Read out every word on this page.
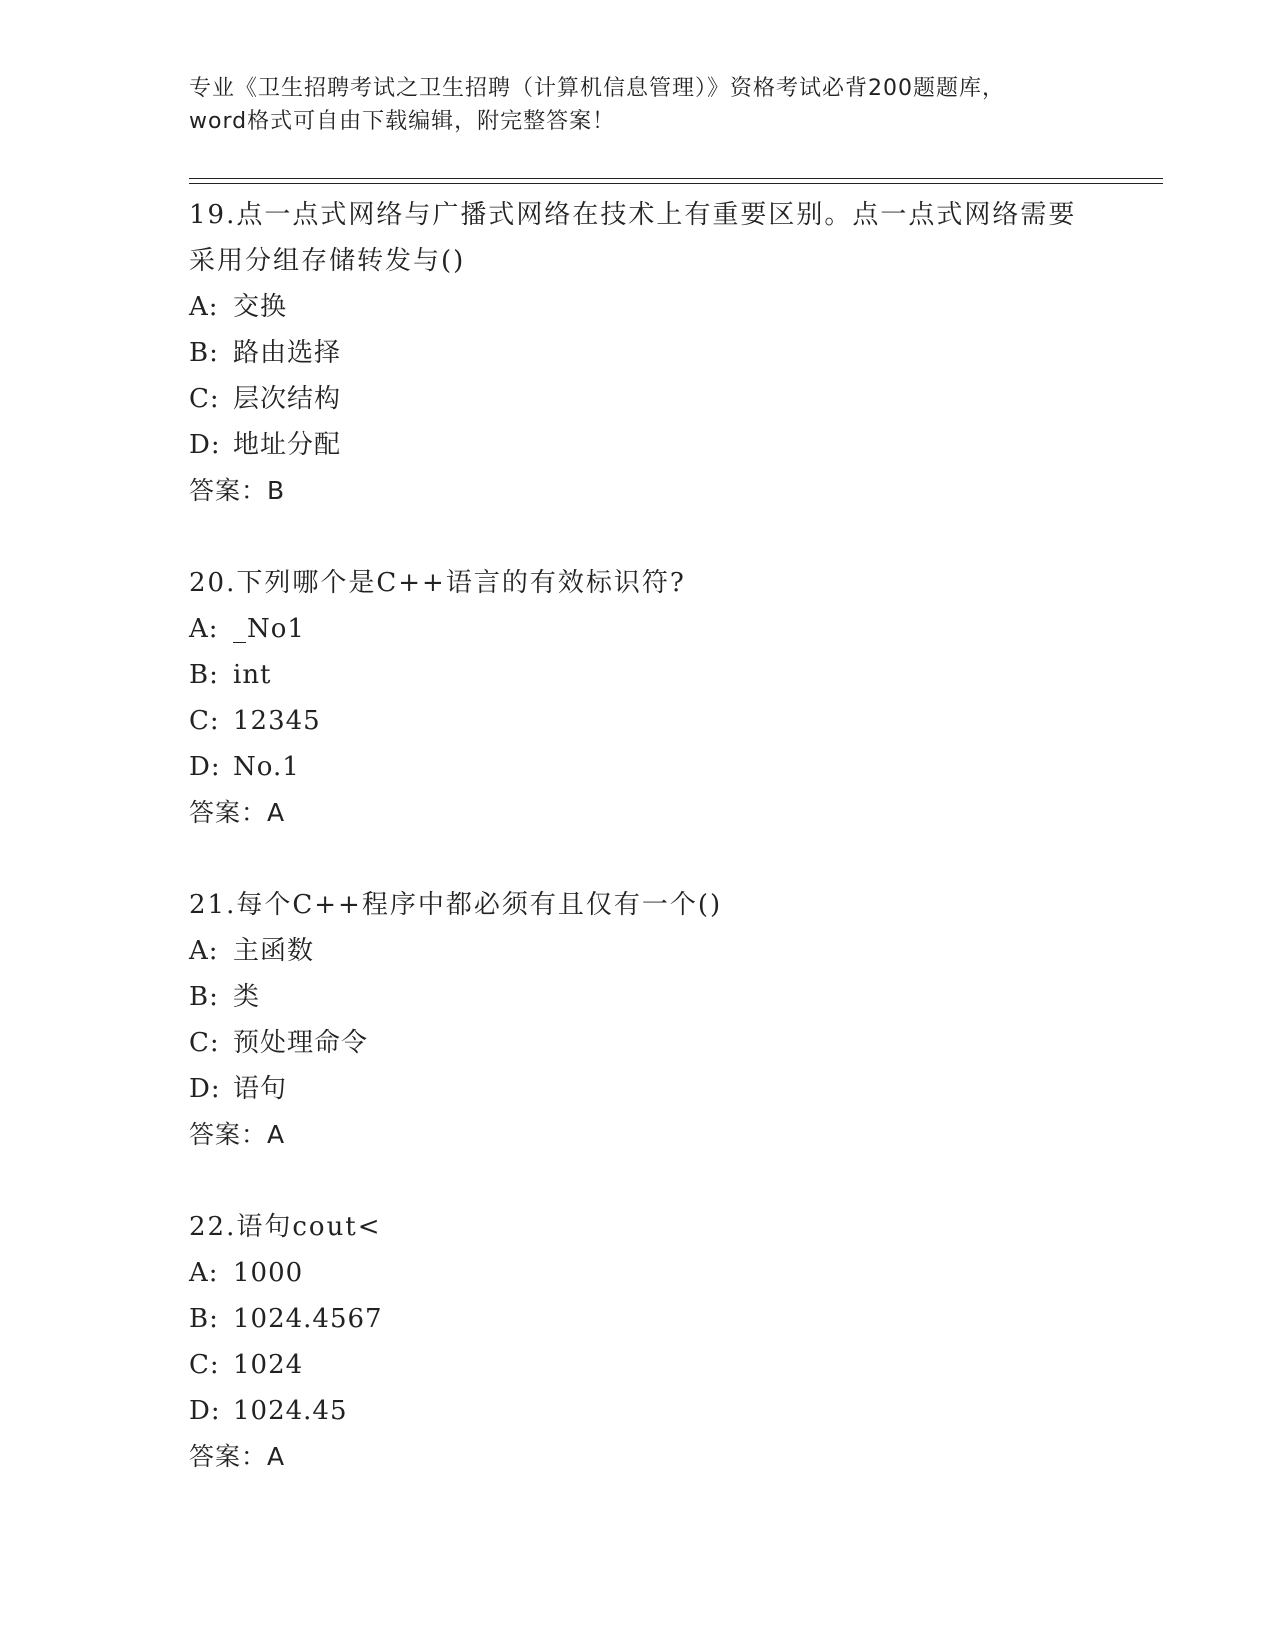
专业《卫生招聘考试之卫生招聘（计算机信息管理）》资格考试必背200题题库，
word格式可自由下载编辑，附完整答案！
19.点一点式网络与广播式网络在技术上有重要区别。点一点式网络需要采用分组存储转发与()
A: 交换
B: 路由选择
C: 层次结构
D: 地址分配
答案：B
20.下列哪个是C++语言的有效标识符?
A: _No1
B: int
C: 12345
D: No.1
答案：A
21.每个C++程序中都必须有且仅有一个()
A: 主函数
B: 类
C: 预处理命令
D: 语句
答案：A
22.语句cout<
A: 1000
B: 1024.4567
C: 1024
D: 1024.45
答案：A
